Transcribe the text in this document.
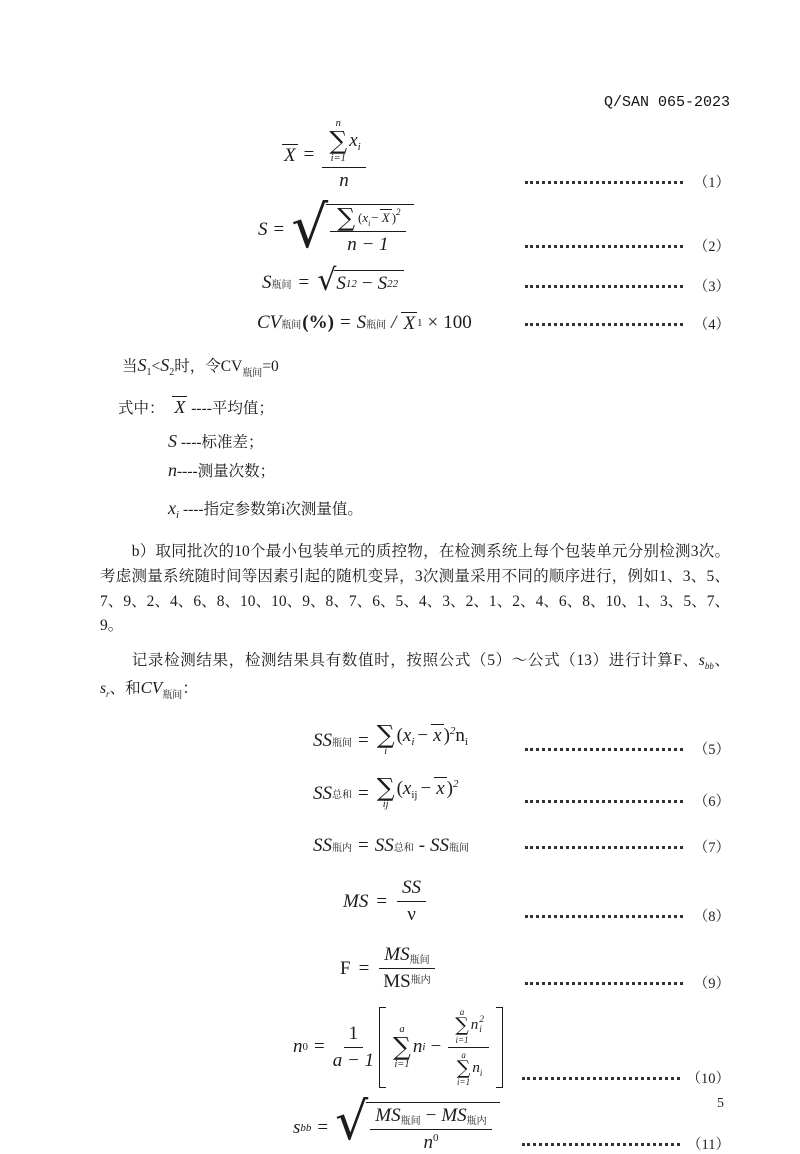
Q/SAN 065-2023
X = n
∑
i=1
$x_i$
n	（1）
S = √ $\frac{\sum (x_i- X )^2}{n - 1}$	（2）
S 瓶间 = √ S 1 2 − S 2 2	（3）
CV 瓶间 (%) = S 瓶间 / X 1 × 100	（4）
当$S_1<S_2$时，令$CV_{瓶间}=0$
式中： X ----平均值；
S ----标准差；
n----测量次数；
$x_i$ ----指定参数第i次测量值。
b）取同批次的10个最小包装单元的质控物，在检测系统上每个包装单元分别检测3次。考虑测量系统随时间等因素引起的随机变异，3次测量采用不同的顺序进行，例如1、3、5、7、9、2、4、6、8、10、10、9、8、7、6、5、4、3、2、1、2、4、6、8、10、1、3、5、7、9。
记录检测结果，检测结果具有数值时，按照公式（5）～公式（13）进行计算F、$s_{bb}$、$s_r$、和$CV_{瓶间}$：
SS 瓶间 = ∑
i
($x_i - x$ )$^2n_i$	（5）
SS 总和 = ∑
ij
($x_{ij} - x$ )$^2$
（6）
SS 瓶内 = SS 总和 - SS 瓶间	（7）
MS = $\frac{SS}{\nu}$	（8）
$F = \frac{\text{MS 瓶间}}{\text{MS 瓶内}}$	（9）
n $0 = \frac{1}{a - 1}$ a
∑
i=1
n i − a
∑
i=1
n 2
i
a
∑
i=1
$n_i$	（10）
s bb = √ $\frac{\text{MS 瓶间 − MS 瓶内}}{n^0}$	（11）
5
